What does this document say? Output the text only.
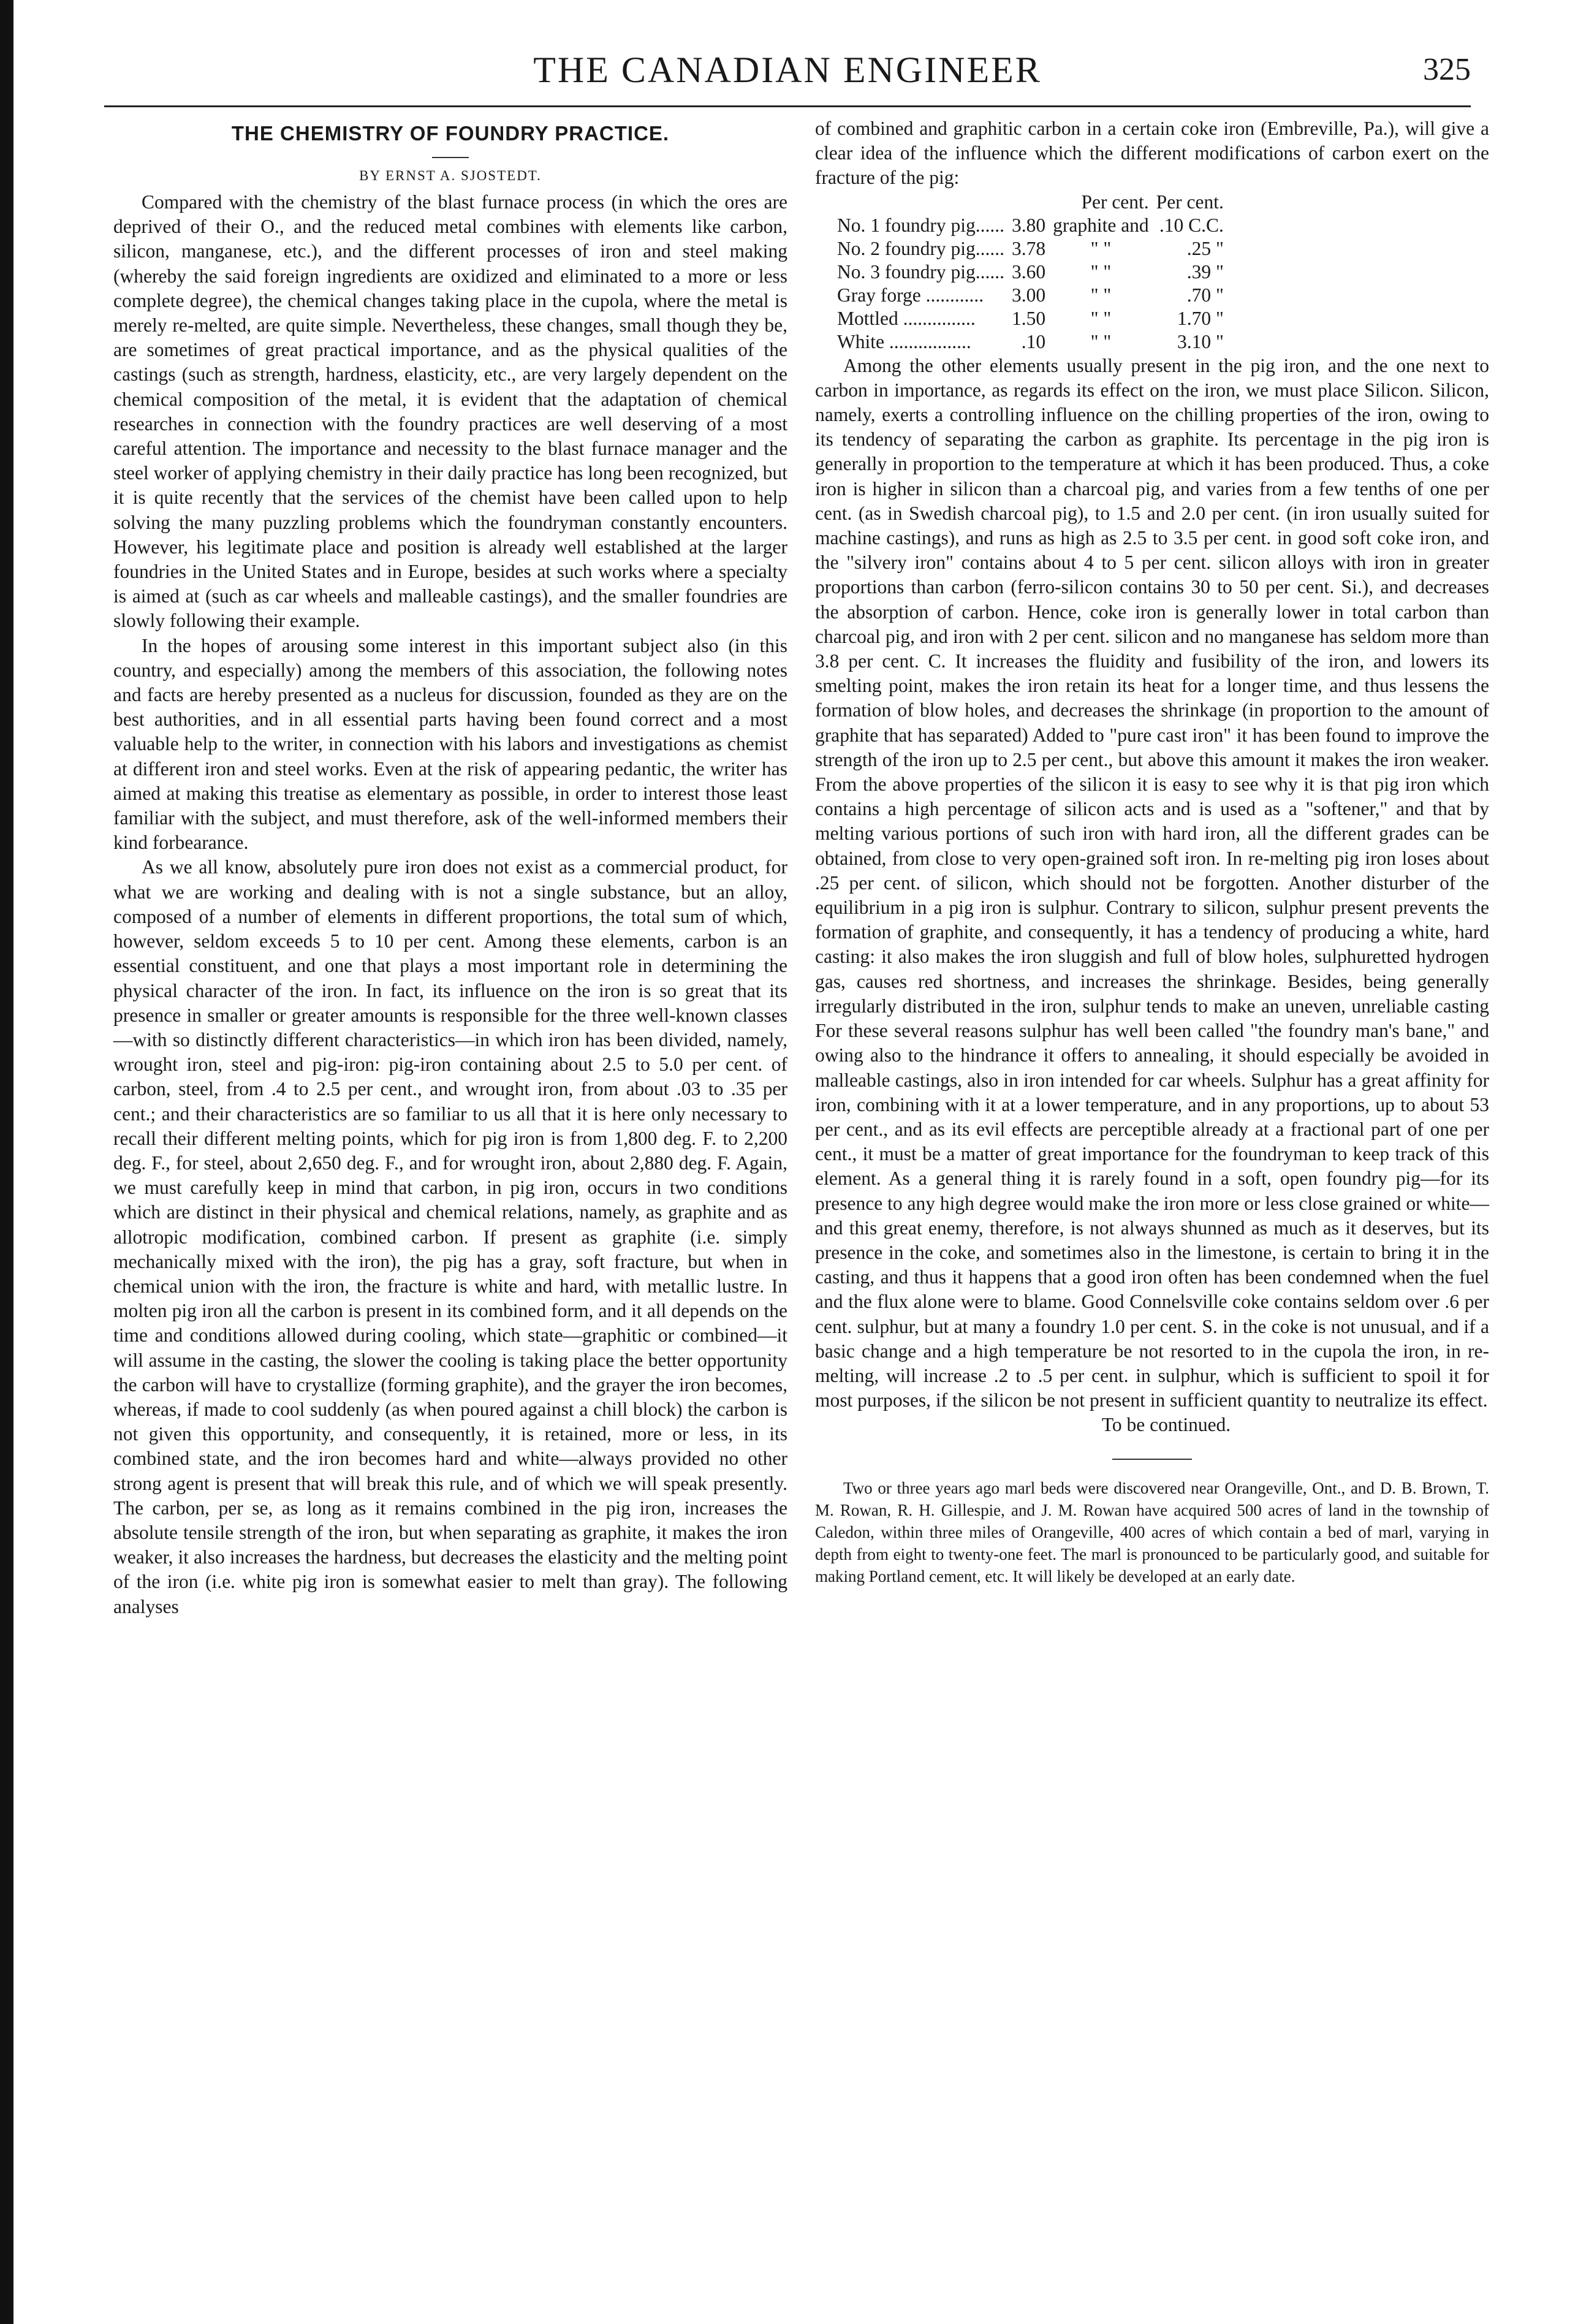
THE CANADIAN ENGINEER	325
THE CHEMISTRY OF FOUNDRY PRACTICE.
BY ERNST A. SJOSTEDT.

Compared with the chemistry of the blast furnace process (in which the ores are deprived of their O., and the reduced metal combines with elements like carbon, silicon, manganese, etc.), and the different processes of iron and steel making (whereby the said foreign ingredients are oxidized and eliminated to a more or less complete degree), the chemical changes taking place in the cupola, where the metal is merely re-melted, are quite simple. Nevertheless, these changes, small though they be, are sometimes of great practical importance, and as the physical qualities of the castings (such as strength, hardness, elasticity, etc., are very largely dependent on the chemical composition of the metal, it is evident that the adaptation of chemical researches in connection with the foundry practices are well deserving of a most careful attention. The importance and necessity to the blast furnace manager and the steel worker of applying chemistry in their daily practice has long been recognized, but it is quite recently that the services of the chemist have been called upon to help solving the many puzzling problems which the foundryman constantly encounters. However, his legitimate place and position is already well established at the larger foundries in the United States and in Europe, besides at such works where a specialty is aimed at (such as car wheels and malleable castings), and the smaller foundries are slowly following their example.

In the hopes of arousing some interest in this important subject also (in this country, and especially) among the members of this association, the following notes and facts are hereby presented as a nucleus for discussion, founded as they are on the best authorities, and in all essential parts having been found correct and a most valuable help to the writer, in connection with his labors and investigations as chemist at different iron and steel works. Even at the risk of appearing pedantic, the writer has aimed at making this treatise as elementary as possible, in order to interest those least familiar with the subject, and must therefore, ask of the well-informed members their kind forbearance.

As we all know, absolutely pure iron does not exist as a commercial product, for what we are working and dealing with is not a single substance, but an alloy, composed of a number of elements in different proportions, the total sum of which, however, seldom exceeds 5 to 10 per cent. Among these elements, carbon is an essential constituent, and one that plays a most important role in determining the physical character of the iron. In fact, its influence on the iron is so great that its presence in smaller or greater amounts is responsible for the three well-known classes—with so distinctly different characteristics—in which iron has been divided, namely, wrought iron, steel and pig-iron: pig-iron containing about 2.5 to 5.0 per cent. of carbon, steel, from .4 to 2.5 per cent., and wrought iron, from about .03 to .35 per cent.; and their characteristics are so familiar to us all that it is here only necessary to recall their different melting points, which for pig iron is from 1,800 deg. F. to 2,200 deg. F., for steel, about 2,650 deg. F., and for wrought iron, about 2,880 deg. F. Again, we must carefully keep in mind that carbon, in pig iron, occurs in two conditions which are distinct in their physical and chemical relations, namely, as graphite and as allotropic modification, combined carbon. If present as graphite (i.e. simply mechanically mixed with the iron), the pig has a gray, soft fracture, but when in chemical union with the iron, the fracture is white and hard, with metallic lustre. In molten pig iron all the carbon is present in its combined form, and it all depends on the time and conditions allowed during cooling, which state—graphitic or combined—it will assume in the casting, the slower the cooling is taking place the better opportunity the carbon will have to crystallize (forming graphite), and the grayer the iron becomes, whereas, if made to cool suddenly (as when poured against a chill block) the carbon is not given this opportunity, and consequently, it is retained, more or less, in its combined state, and the iron becomes hard and white—always provided no other strong agent is present that will break this rule, and of which we will speak presently. The carbon, per se, as long as it remains combined in the pig iron, increases the absolute tensile strength of the iron, but when separating as graphite, it makes the iron weaker, it also increases the hardness, but decreases the elasticity and the melting point of the iron (i.e. white pig iron is somewhat easier to melt than gray). The following analyses

of combined and graphitic carbon in a certain coke iron (Embreville, Pa.), will give a clear idea of the influence which the different modifications of carbon exert on the fracture of the pig:

	Per cent.		Per cent.
No. 1 foundry pig......	3.80	graphite and	.10 C.C.
No. 2 foundry pig......	3.78	" "	.25 "
No. 3 foundry pig......	3.60	" "	.39 "
Gray forge ............	3.00	" "	.70 "
Mottled ...............	1.50	" "	1.70 "
White .................	.10	" "	3.10 "

Among the other elements usually present in the pig iron, and the one next to carbon in importance, as regards its effect on the iron, we must place Silicon. Silicon, namely, exerts a controlling influence on the chilling properties of the iron, owing to its tendency of separating the carbon as graphite. Its percentage in the pig iron is generally in proportion to the temperature at which it has been produced. Thus, a coke iron is higher in silicon than a charcoal pig, and varies from a few tenths of one per cent. (as in Swedish charcoal pig), to 1.5 and 2.0 per cent. (in iron usually suited for machine castings), and runs as high as 2.5 to 3.5 per cent. in good soft coke iron, and the "silvery iron" contains about 4 to 5 per cent. silicon alloys with iron in greater proportions than carbon (ferro-silicon contains 30 to 50 per cent. Si.), and decreases the absorption of carbon. Hence, coke iron is generally lower in total carbon than charcoal pig, and iron with 2 per cent. silicon and no manganese has seldom more than 3.8 per cent. C. It increases the fluidity and fusibility of the iron, and lowers its smelting point, makes the iron retain its heat for a longer time, and thus lessens the formation of blow holes, and decreases the shrinkage (in proportion to the amount of graphite that has separated) Added to "pure cast iron" it has been found to improve the strength of the iron up to 2.5 per cent., but above this amount it makes the iron weaker. From the above properties of the silicon it is easy to see why it is that pig iron which contains a high percentage of silicon acts and is used as a "softener," and that by melting various portions of such iron with hard iron, all the different grades can be obtained, from close to very open-grained soft iron. In re-melting pig iron loses about .25 per cent. of silicon, which should not be forgotten. Another disturber of the equilibrium in a pig iron is sulphur. Contrary to silicon, sulphur present prevents the formation of graphite, and consequently, it has a tendency of producing a white, hard casting: it also makes the iron sluggish and full of blow holes, sulphuretted hydrogen gas, causes red shortness, and increases the shrinkage. Besides, being generally irregularly distributed in the iron, sulphur tends to make an uneven, unreliable casting For these several reasons sulphur has well been called "the foundry man's bane," and owing also to the hindrance it offers to annealing, it should especially be avoided in malleable castings, also in iron intended for car wheels. Sulphur has a great affinity for iron, combining with it at a lower temperature, and in any proportions, up to about 53 per cent., and as its evil effects are perceptible already at a fractional part of one per cent., it must be a matter of great importance for the foundryman to keep track of this element. As a general thing it is rarely found in a soft, open foundry pig—for its presence to any high degree would make the iron more or less close grained or white—and this great enemy, therefore, is not always shunned as much as it deserves, but its presence in the coke, and sometimes also in the limestone, is certain to bring it in the casting, and thus it happens that a good iron often has been condemned when the fuel and the flux alone were to blame. Good Connelsville coke contains seldom over .6 per cent. sulphur, but at many a foundry 1.0 per cent. S. in the coke is not unusual, and if a basic change and a high temperature be not resorted to in the cupola the iron, in re-melting, will increase .2 to .5 per cent. in sulphur, which is sufficient to spoil it for most purposes, if the silicon be not present in sufficient quantity to neutralize its effect.

To be continued.

Two or three years ago marl beds were discovered near Orangeville, Ont., and D. B. Brown, T. M. Rowan, R. H. Gillespie, and J. M. Rowan have acquired 500 acres of land in the township of Caledon, within three miles of Orangeville, 400 acres of which contain a bed of marl, varying in depth from eight to twenty-one feet. The marl is pronounced to be particularly good, and suitable for making Portland cement, etc. It will likely be developed at an early date.
